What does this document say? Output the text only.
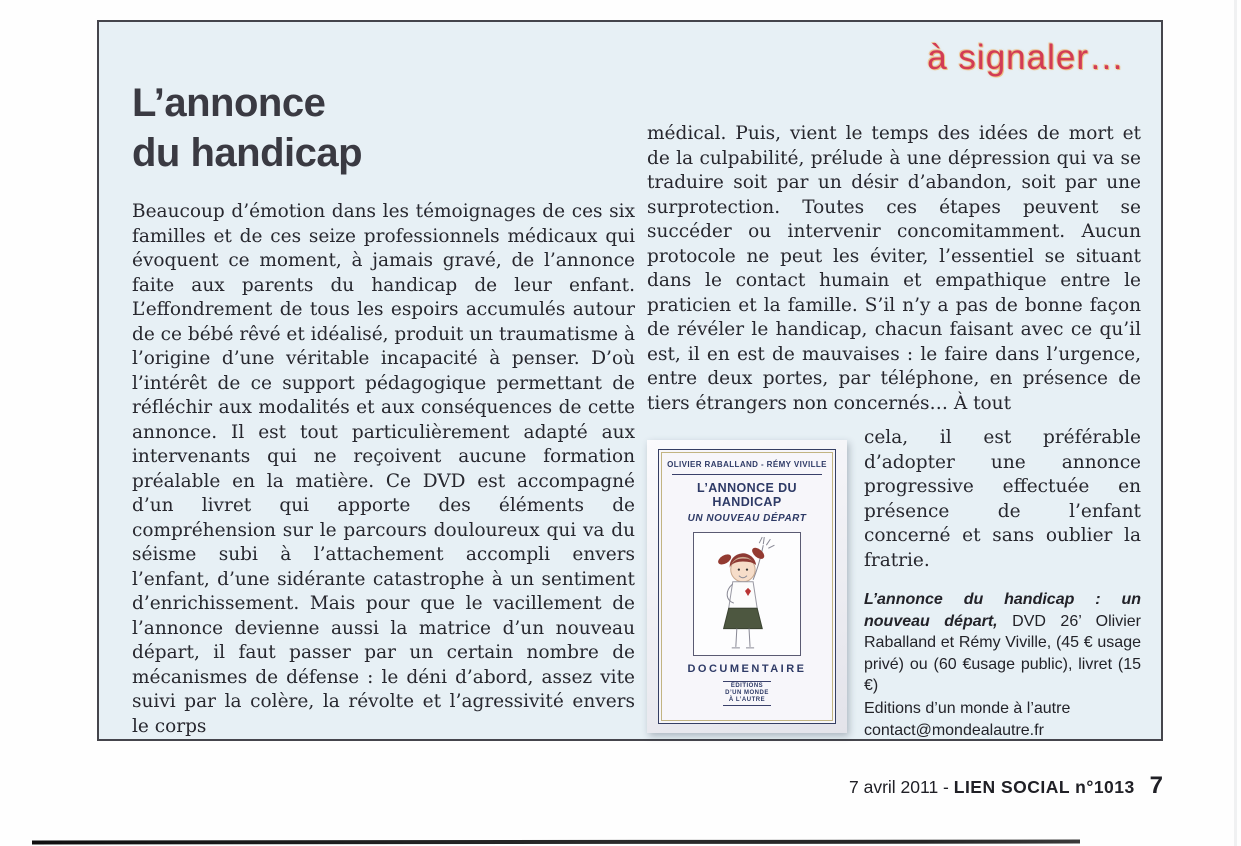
à signaler…
L’annonce
du handicap
Beaucoup d’émotion dans les témoignages de ces six familles et de ces seize professionnels médicaux qui évoquent ce moment, à jamais gravé, de l’annonce faite aux parents du handicap de leur enfant. L’effondrement de tous les espoirs accumulés autour de ce bébé rêvé et idéalisé, produit un traumatisme à l’origine d’une véritable incapacité à penser. D’où l’intérêt de ce support pédagogique permettant de réfléchir aux modalités et aux conséquences de cette annonce. Il est tout particulièrement adapté aux intervenants qui ne reçoivent aucune formation préalable en la matière. Ce DVD est accompagné d’un livret qui apporte des éléments de compréhension sur le parcours douloureux qui va du séisme subi à l’attachement accompli envers l’enfant, d’une sidérante catastrophe à un sentiment d’enrichissement. Mais pour que le vacillement de l’annonce devienne aussi la matrice d’un nouveau départ, il faut passer par un certain nombre de mécanismes de défense : le déni d’abord, assez vite suivi par la colère, la révolte et l’agressivité envers le corps

médical. Puis, vient le temps des idées de mort et de la culpabilité, prélude à une dépression qui va se traduire soit par un désir d’abandon, soit par une surprotection. Toutes ces étapes peuvent se succéder ou intervenir concomitamment. Aucun protocole ne peut les éviter, l’essentiel se situant dans le contact humain et empathique entre le praticien et la famille. S’il n’y a pas de bonne façon de révéler le handicap, chacun faisant avec ce qu’il est, il en est de mauvaises : le faire dans l’urgence, entre deux portes, par téléphone, en présence de tiers étrangers non concernés… À tout

OLIVIER RABALLAND - RÉMY VIVILLE
L’ANNONCE DU HANDICAP
UN NOUVEAU DÉPART
DOCUMENTAIRE
ÉDITIONS
D’UN MONDE
À L’AUTRE

cela, il est préférable d’adopter une annonce progressive effectuée en présence de l’enfant concerné et sans oublier la fratrie.

L’annonce du handicap : un nouveau départ, DVD 26’ Olivier Raballand et Rémy Viville, (45 € usage privé) ou (60 €usage public), livret (15 €)

Editions d’un monde à l’autre
contact@mondealautre.fr
7 avril 2011 - LIEN SOCIAL n°1013 7
